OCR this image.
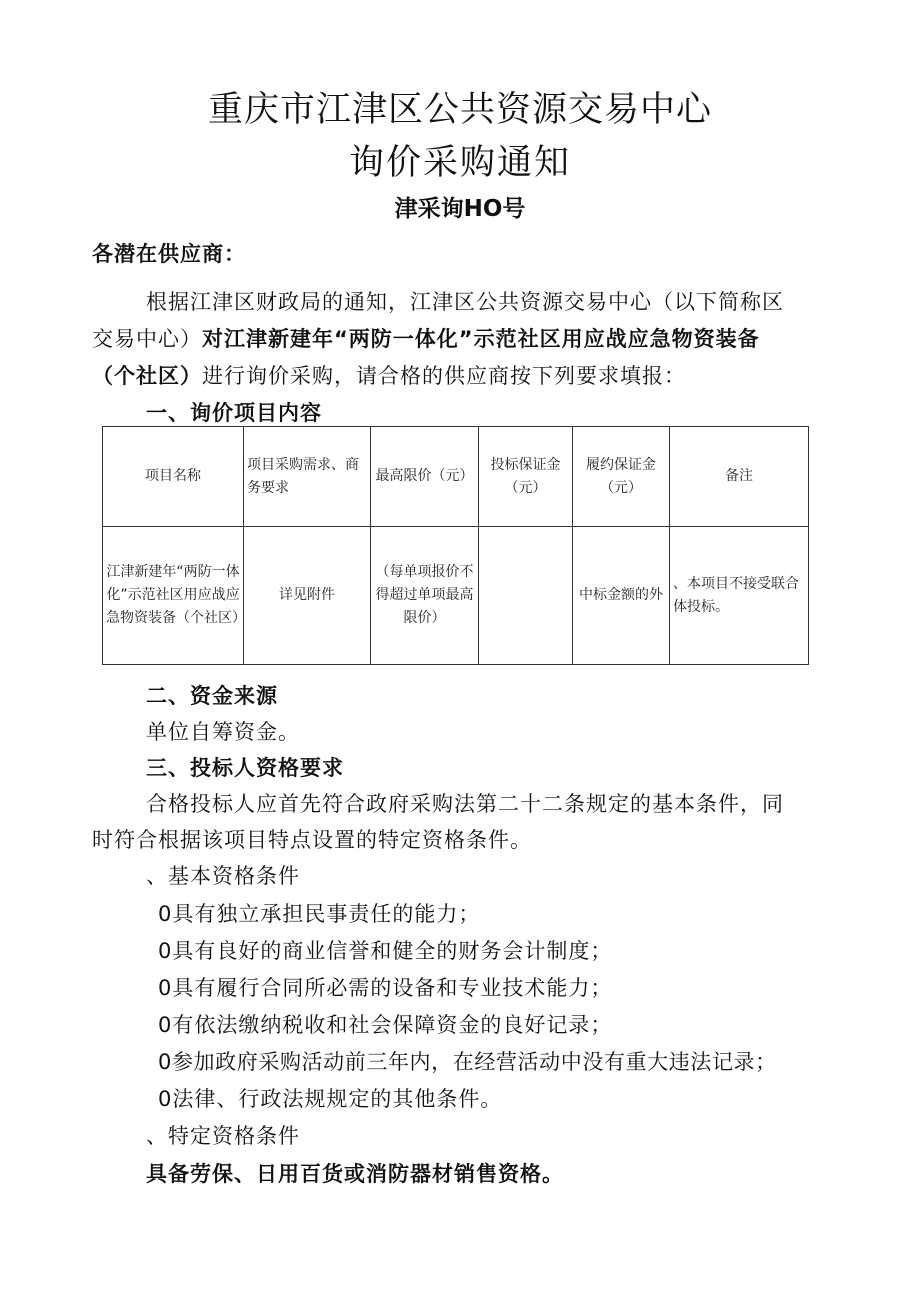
重庆市江津区公共资源交易中心
询价采购通知
津采询HO号
各潜在供应商：
根据江津区财政局的通知，江津区公共资源交易中心（以下简称区
交易中心）对江津新建年“两防一体化”示范社区用应战应急物资装备
（个社区）进行询价采购，请合格的供应商按下列要求填报：
一、询价项目内容
项目名称	项目采购需求、商务要求	最高限价（元）	投标保证金（元）	履约保证金（元）	备注
江津新建年“两防一体化”示范社区用应战应急物资装备（个社区）	详见附件	（每单项报价不得超过单项最高限价）		中标金额的外	、本项目不接受联合体投标。
二、资金来源
单位自筹资金。
三、投标人资格要求
合格投标人应首先符合政府采购法第二十二条规定的基本条件，同
时符合根据该项目特点设置的特定资格条件。
、基本资格条件
0具有独立承担民事责任的能力；
0具有良好的商业信誉和健全的财务会计制度；
0具有履行合同所必需的设备和专业技术能力；
0有依法缴纳税收和社会保障资金的良好记录；
0参加政府采购活动前三年内，在经营活动中没有重大违法记录；
0法律、行政法规规定的其他条件。
、特定资格条件
具备劳保、日用百货或消防器材销售资格。
